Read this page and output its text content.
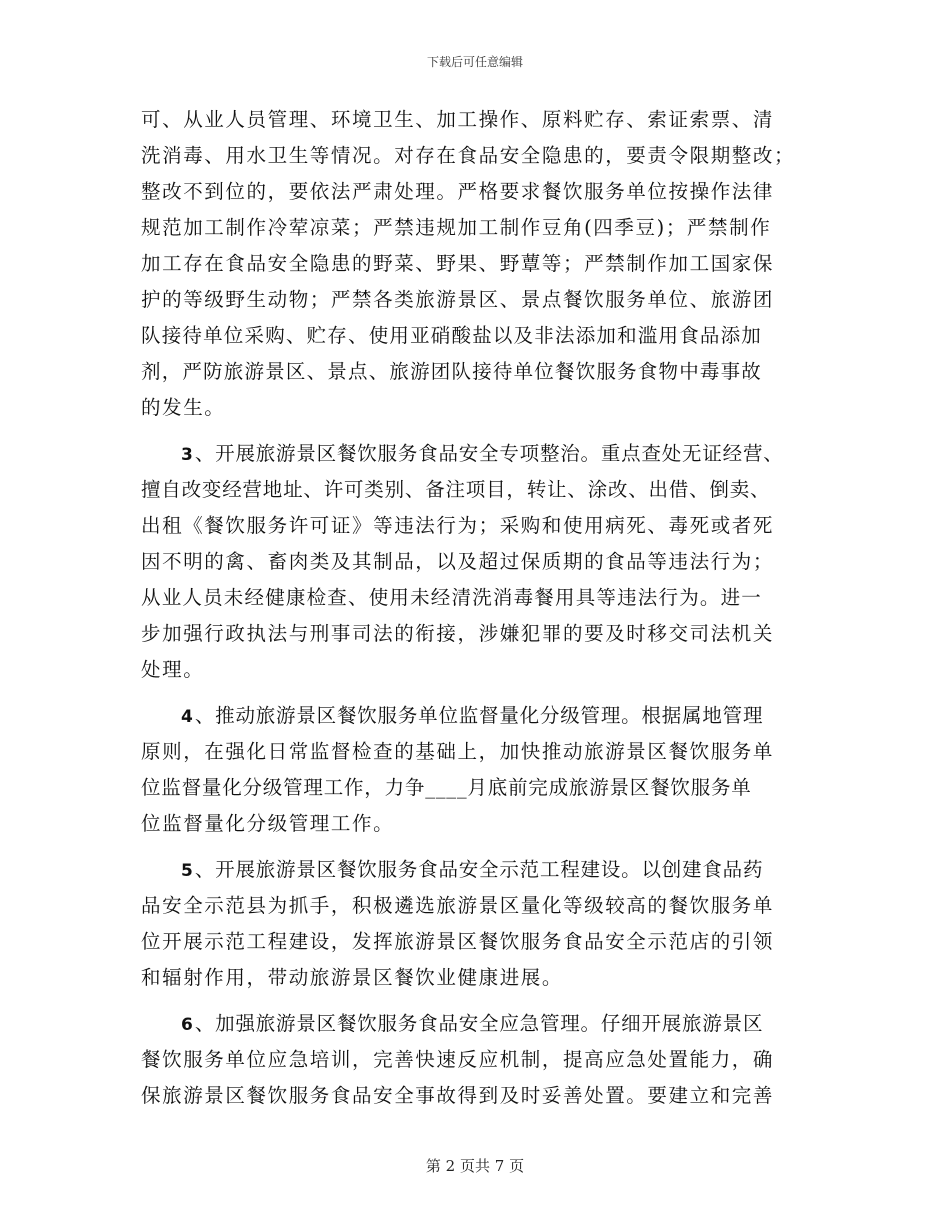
下载后可任意编辑
可、从业人员管理、环境卫生、加工操作、原料贮存、索证索票、清
洗消毒、用水卫生等情况。对存在食品安全隐患的，要责令限期整改；
整改不到位的，要依法严肃处理。严格要求餐饮服务单位按操作法律
规范加工制作冷荤凉菜；严禁违规加工制作豆角(四季豆)；严禁制作
加工存在食品安全隐患的野菜、野果、野蕈等；严禁制作加工国家保
护的等级野生动物；严禁各类旅游景区、景点餐饮服务单位、旅游团
队接待单位采购、贮存、使用亚硝酸盐以及非法添加和滥用食品添加
剂，严防旅游景区、景点、旅游团队接待单位餐饮服务食物中毒事故
的发生。
3 、开展旅游景区餐饮服务食品安全专项整治。重点查处无证经营、
擅自改变经营地址、许可类别、备注项目，转让、涂改、出借、倒卖、
出租《餐饮服务许可证》等违法行为；采购和使用病死、毒死或者死
因不明的禽、畜肉类及其制品，以及超过保质期的食品等违法行为；
从业人员未经健康检查、使用未经清洗消毒餐用具等违法行为。进一
步加强行政执法与刑事司法的衔接，涉嫌犯罪的要及时移交司法机关
处理。
4 、推动旅游景区餐饮服务单位监督量化分级管理。根据属地管理
原则，在强化日常监督检查的基础上，加快推动旅游景区餐饮服务单
位监督量化分级管理工作，力争____月底前完成旅游景区餐饮服务单
位监督量化分级管理工作。
5 、开展旅游景区餐饮服务食品安全示范工程建设。以创建食品药
品安全示范县为抓手，积极遴选旅游景区量化等级较高的餐饮服务单
位开展示范工程建设，发挥旅游景区餐饮服务食品安全示范店的引领
和辐射作用，带动旅游景区餐饮业健康进展。
6 、加强旅游景区餐饮服务食品安全应急管理。仔细开展旅游景区
餐饮服务单位应急培训，完善快速反应机制，提高应急处置能力，确
保旅游景区餐饮服务食品安全事故得到及时妥善处置。要建立和完善
第 2 页共 7 页
